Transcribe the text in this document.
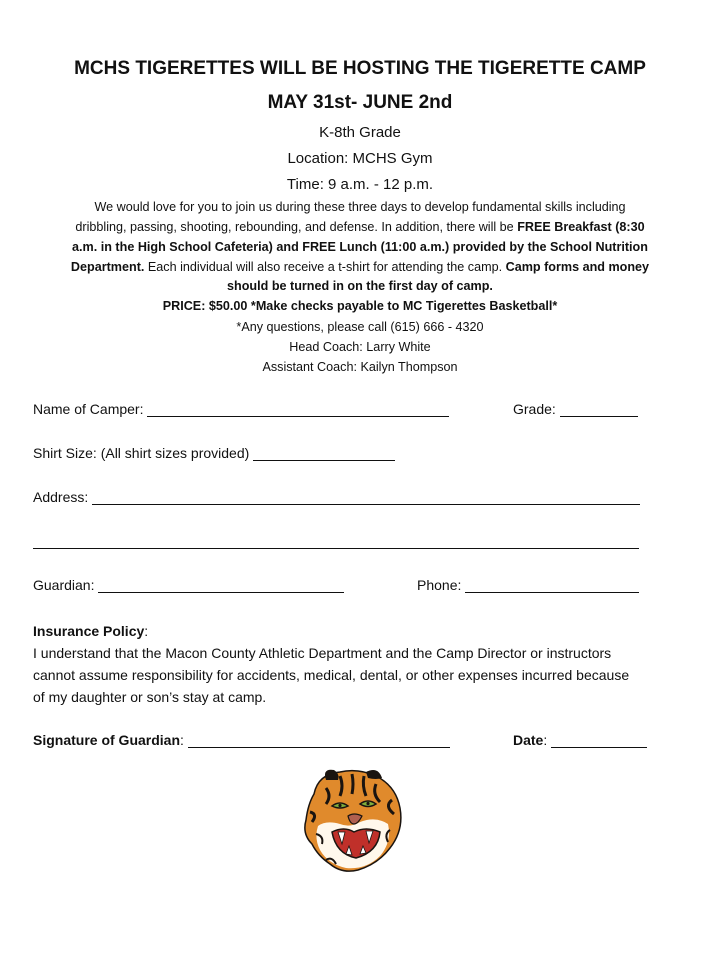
MCHS TIGERETTES WILL BE HOSTING THE TIGERETTE CAMP
MAY 31st- JUNE 2nd
K-8th Grade
Location: MCHS Gym
Time: 9 a.m. - 12 p.m.
We would love for you to join us during these three days to develop fundamental skills including
dribbling, passing, shooting, rebounding, and defense. In addition, there will be FREE Breakfast (8:30
a.m. in the High School Cafeteria) and FREE Lunch (11:00 a.m.) provided by the School Nutrition
Department. Each individual will also receive a t-shirt for attending the camp. Camp forms and money
should be turned in on the first day of camp.
PRICE: $50.00 *Make checks payable to MC Tigerettes Basketball*
*Any questions, please call (615) 666 - 4320
Head Coach: Larry White
Assistant Coach: Kailyn Thompson
Name of Camper:	Grade:
Shirt Size: (All shirt sizes provided)
Address:
Guardian:	Phone:
Insurance Policy:
I understand that the Macon County Athletic Department and the Camp Director or instructors
cannot assume responsibility for accidents, medical, dental, or other expenses incurred because
of my daughter or son’s stay at camp.
Signature of Guardian :	Date :
